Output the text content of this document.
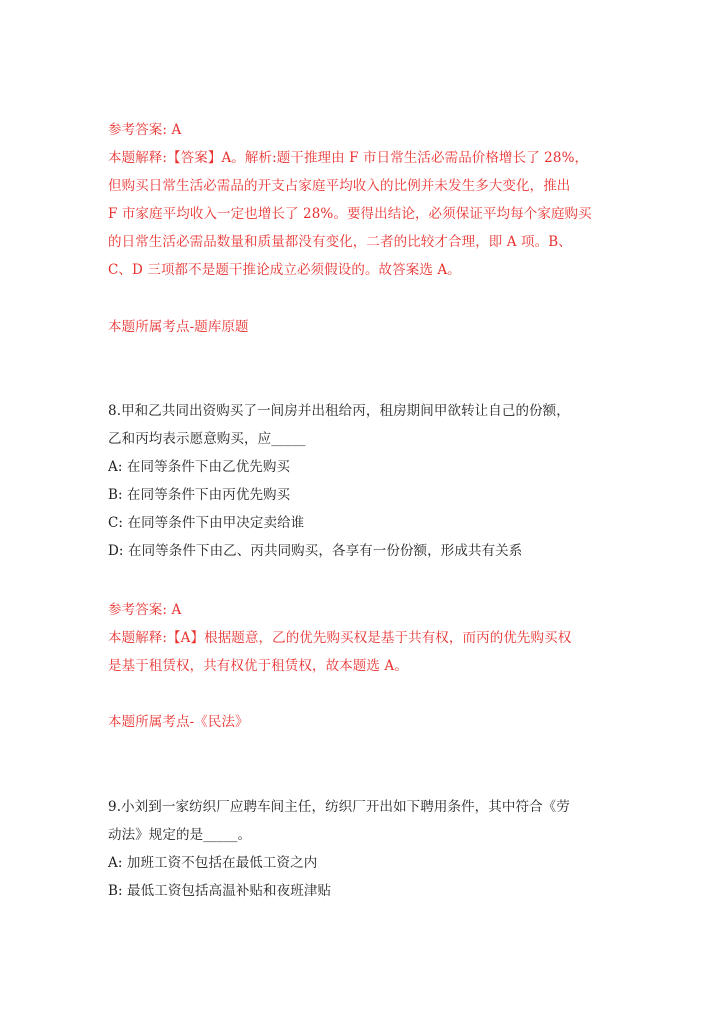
参考答案: A
本题解释:【答案】A。解析:题干推理由 F 市日常生活必需品价格增长了 28%，
但购买日常生活必需品的开支占家庭平均收入的比例并未发生多大变化，推出
F 市家庭平均收入一定也增长了 28%。要得出结论，必须保证平均每个家庭购买
的日常生活必需品数量和质量都没有变化，二者的比较才合理，即 A 项。B、
C、D 三项都不是题干推论成立必须假设的。故答案选 A。
本题所属考点-题库原题
8.甲和乙共同出资购买了一间房并出租给丙，租房期间甲欲转让自己的份额，
乙和丙均表示愿意购买，应_____
A: 在同等条件下由乙优先购买
B: 在同等条件下由丙优先购买
C: 在同等条件下由甲决定卖给谁
D: 在同等条件下由乙、丙共同购买，各享有一份份额，形成共有关系
参考答案: A
本题解释:【A】根据题意，乙的优先购买权是基于共有权，而丙的优先购买权
是基于租赁权，共有权优于租赁权，故本题选 A。
本题所属考点-《民法》
9.小刘到一家纺织厂应聘车间主任，纺织厂开出如下聘用条件，其中符合《劳
动法》规定的是_____。
A: 加班工资不包括在最低工资之内
B: 最低工资包括高温补贴和夜班津贴
